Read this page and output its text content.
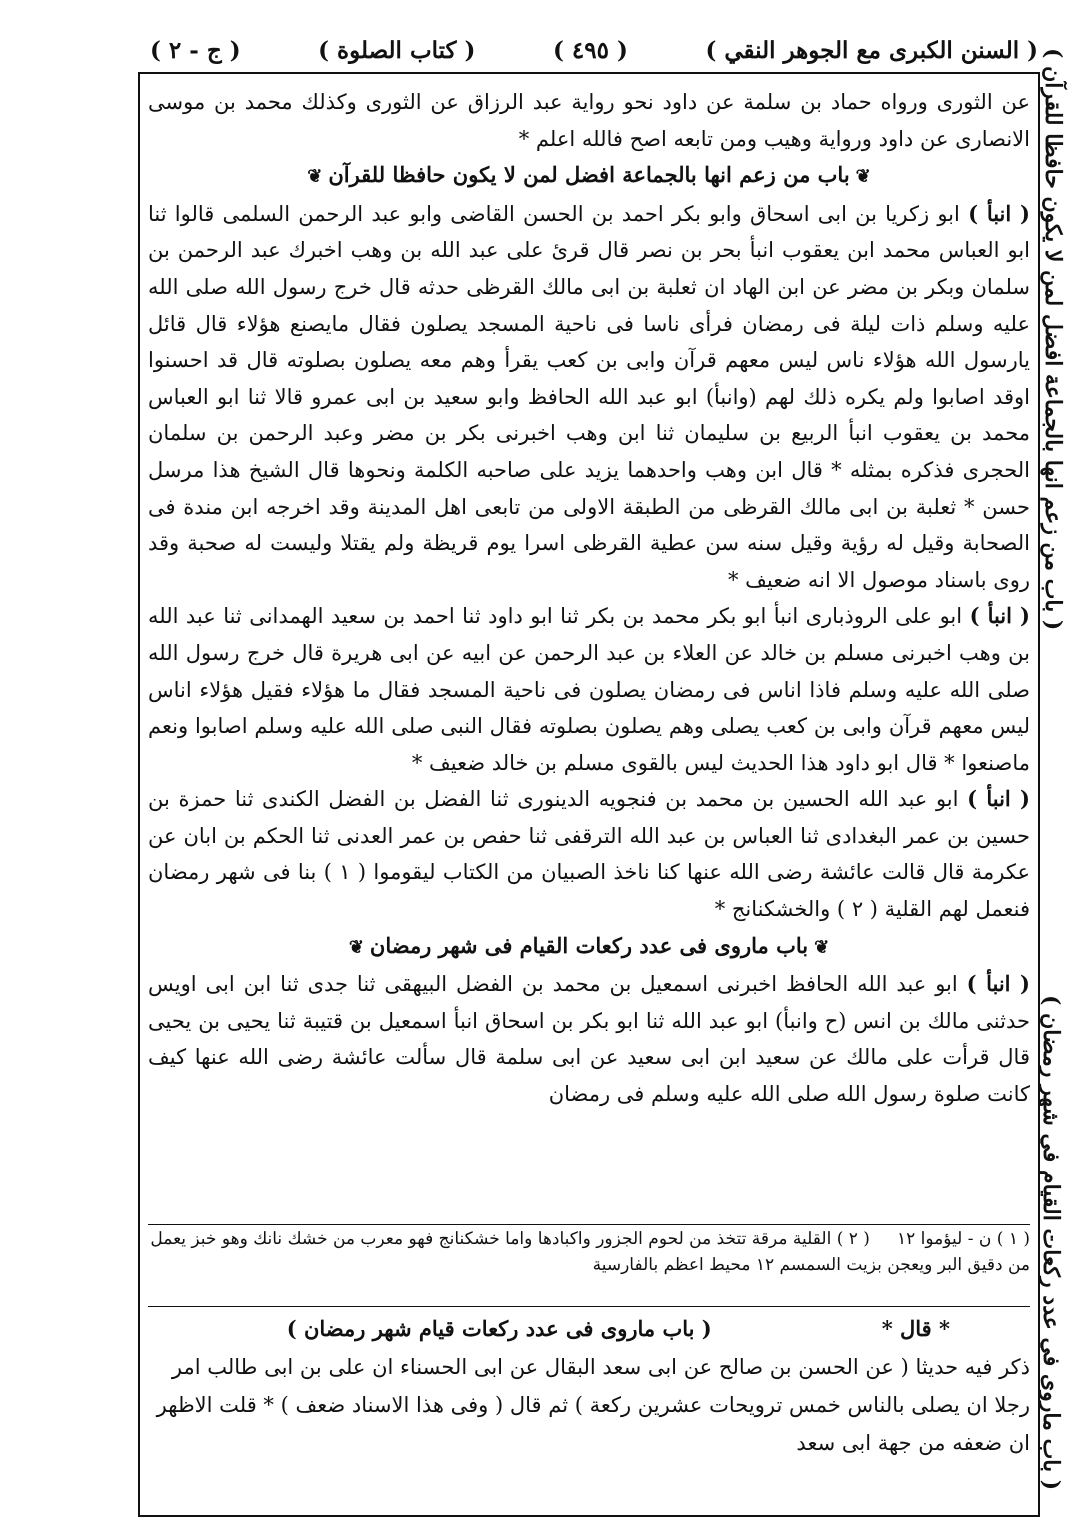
( السنن الكبرى مع الجوهر النقي )
( ٤٩٥ )
( كتاب الصلوة )
( ج - ٢ )

عن الثورى ورواه حماد بن سلمة عن داود نحو رواية عبد الرزاق عن الثورى وكذلك محمد بن موسى الانصارى عن داود ورواية وهيب ومن تابعه اصح فالله اعلم *

❦باب من زعم انها بالجماعة افضل لمن لا يكون حافظا للقرآن❦

( انبأ ) ابو زكريا بن ابى اسحاق وابو بكر احمد بن الحسن القاضى وابو عبد الرحمن السلمى قالوا ثنا ابو العباس محمد ابن يعقوب انبأ بحر بن نصر قال قرئ على عبد الله بن وهب اخبرك عبد الرحمن بن سلمان وبكر بن مضر عن ابن الهاد ان ثعلبة بن ابى مالك القرظى حدثه قال خرج رسول الله صلى الله عليه وسلم ذات ليلة فى رمضان فرأى ناسا فى ناحية المسجد يصلون فقال مايصنع هؤلاء قال قائل يارسول الله هؤلاء ناس ليس معهم قرآن وابى بن كعب يقرأ وهم معه يصلون بصلوته قال قد احسنوا اوقد اصابوا ولم يكره ذلك لهم (وانبأ) ابو عبد الله الحافظ وابو سعيد بن ابى عمرو قالا ثنا ابو العباس محمد بن يعقوب انبأ الربيع بن سليمان ثنا ابن وهب اخبرنى بكر بن مضر وعبد الرحمن بن سلمان الحجرى فذكره بمثله * قال ابن وهب واحدهما يزيد على صاحبه الكلمة ونحوها قال الشيخ هذا مرسل حسن * ثعلبة بن ابى مالك القرظى من الطبقة الاولى من تابعى اهل المدينة وقد اخرجه ابن مندة فى الصحابة وقيل له رؤية وقيل سنه سن عطية القرظى اسرا يوم قريظة ولم يقتلا وليست له صحبة وقد روى باسناد موصول الا انه ضعيف *

( انبأ ) ابو على الروذبارى انبأ ابو بكر محمد بن بكر ثنا ابو داود ثنا احمد بن سعيد الهمدانى ثنا عبد الله بن وهب اخبرنى مسلم بن خالد عن العلاء بن عبد الرحمن عن ابيه عن ابى هريرة قال خرج رسول الله صلى الله عليه وسلم فاذا اناس فى رمضان يصلون فى ناحية المسجد فقال ما هؤلاء فقيل هؤلاء اناس ليس معهم قرآن وابى بن كعب يصلى وهم يصلون بصلوته فقال النبى صلى الله عليه وسلم اصابوا ونعم ماصنعوا * قال ابو داود هذا الحديث ليس بالقوى مسلم بن خالد ضعيف *

( انبأ ) ابو عبد الله الحسين بن محمد بن فنجويه الدينورى ثنا الفضل بن الفضل الكندى ثنا حمزة بن حسين بن عمر البغدادى ثنا العباس بن عبد الله الترقفى ثنا حفص بن عمر العدنى ثنا الحكم بن ابان عن عكرمة قال قالت عائشة رضى الله عنها كنا ناخذ الصبيان من الكتاب ليقوموا ( ١ ) بنا فى شهر رمضان فنعمل لهم القلية ( ٢ ) والخشكنانج *

❦باب ماروى فى عدد ركعات القيام فى شهر رمضان❦

( انبأ ) ابو عبد الله الحافظ اخبرنى اسمعيل بن محمد بن الفضل البيهقى ثنا جدى ثنا ابن ابى اويس حدثنى مالك بن انس (ح وانبأ) ابو عبد الله ثنا ابو بكر بن اسحاق انبأ اسمعيل بن قتيبة ثنا يحيى بن يحيى قال قرأت على مالك عن سعيد ابن ابى سعيد عن ابى سلمة قال سألت عائشة رضى الله عنها كيف كانت صلوة رسول الله صلى الله عليه وسلم فى رمضان

( ١ ) ن - ليؤموا ١٢     ( ٢ ) القلية مرقة تتخذ من لحوم الجزور واكبادها واما خشكنانج فهو معرب من خشك نانك وهو خبز يعمل من دقيق البر ويعجن بزيت السمسم ١٢ محيط اعظم بالفارسية
* قال *
( باب ماروى فى عدد ركعات قيام شهر رمضان )

ذكر فيه حديثا ( عن الحسن بن صالح عن ابى سعد البقال عن ابى الحسناء ان على بن ابى طالب امر رجلا ان يصلى بالناس خمس ترويحات عشرين ركعة ) ثم قال ( وفى هذا الاسناد ضعف ) * قلت الاظهر ان ضعفه من جهة ابى سعد

( باب من زعم انها بالجماعة افضل لمن لا يكون حافظا للقرآن )
( باب ماروى في عدد ركعات القيام في شهر رمضان )
